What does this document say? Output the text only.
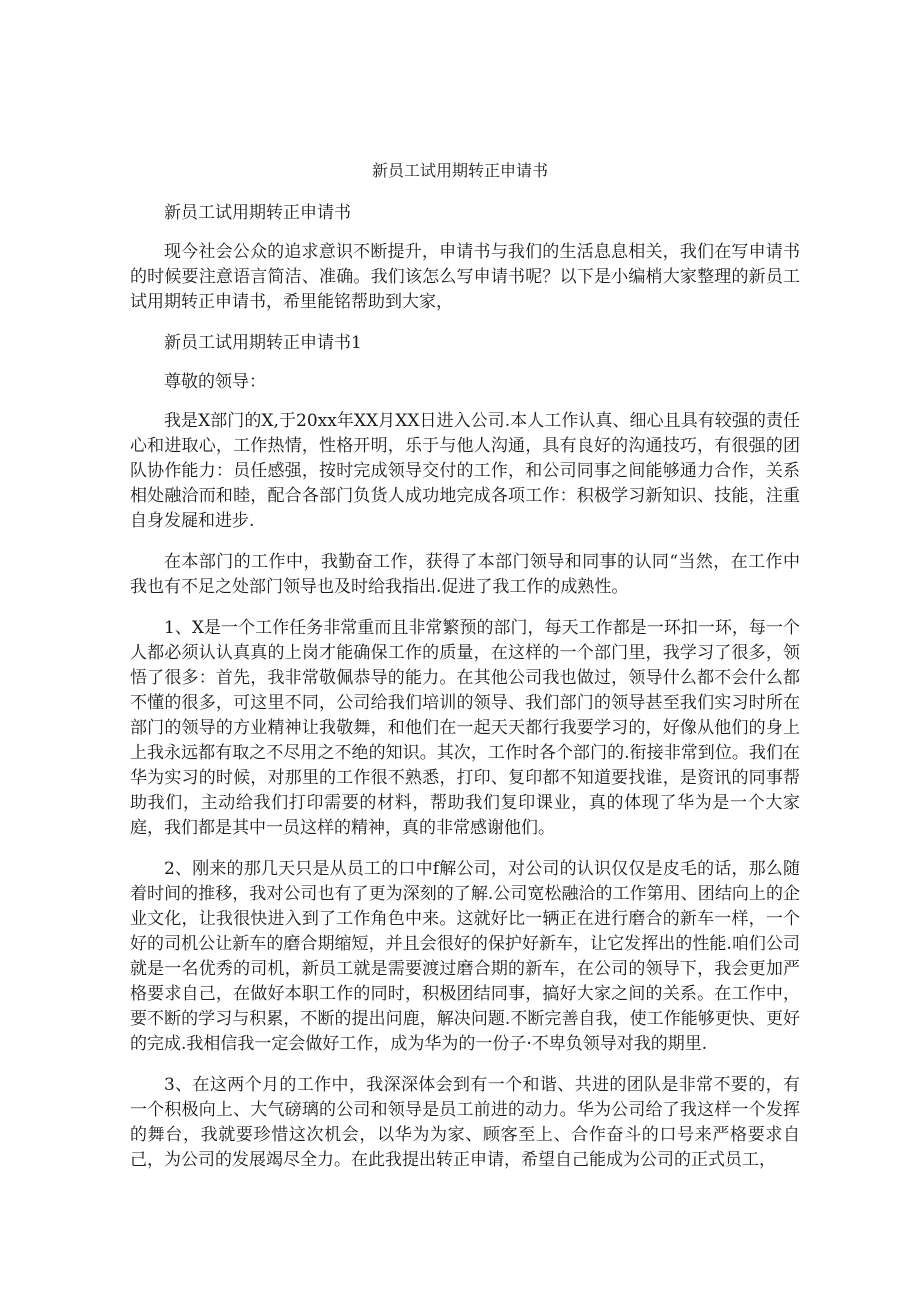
新员工试用期转正申请书

新员工试用期转正申请书

现今社会公众的追求意识不断提升，申请书与我们的生活息息相关，我们在写申请书的时候要注意语言简洁、准确。我们该怎么写申请书呢？以下是小编梢大家整理的新员工试用期转正申请书，希里能铭帮助到大家，

新员工试用期转正申请书1

尊敬的领导：

我是X部门的X,于20xx年XX月XX日进入公司.本人工作认真、细心且具有较强的责任心和进取心，工作热情，性格开明，乐于与他人沟通，具有良好的沟通技巧，有很强的团队协作能力：员任感强，按时完成领导交付的工作，和公司同事之间能够通力合作，关系相处融洽而和睦，配合各部门负货人成功地完成各项工作：积极学习新知识、技能，注重自身发屣和进步.

在本部门的工作中，我勤奋工作，获得了本部门领导和同事的认同“当然，在工作中我也有不足之处部门领导也及时给我指出.促进了我工作的成熟性。

1、X是一个工作任务非常重而且非常繁预的部门，每天工作都是一环扣一环，每一个人都必须认认真真的上岗才能确保工作的质量，在这样的一个部门里，我学习了很多，领悟了很多：首先，我非常敬佩恭导的能力。在其他公司我也做过，领导什么都不会什么都不懂的很多，可这里不同，公司给我们培训的领导、我们部门的领导甚至我们实习时所在部门的领导的方业精神让我敬舞，和他们在一起天天都行我要学习的，好像从他们的身上上我永远都有取之不尽用之不绝的知识。其次，工作时各个部门的.衔接非常到位。我们在华为实习的时候，对那里的工作很不熟悉，打印、复印都不知道要找谁，是资讯的同事帮助我们，主动给我们打印需要的材料，帮助我们复印课业，真的体现了华为是一个大家庭，我们都是其中一员这样的精神，真的非常感谢他们。

2、刚来的那几天只是从员工的口中f解公司，对公司的认识仅仅是皮毛的话，那么随着时间的推移，我对公司也有了更为深刻的了解.公司宽松融洽的工作第用、团结向上的企业文化，让我很快进入到了工作角色中来。这就好比一辆正在进行磨合的新车一样，一个好的司机公让新车的磨合期缩短，并且会很好的保护好新车，让它发挥出的性能.咱们公司就是一名优秀的司机，新员工就是需要渡过磨合期的新车，在公司的领导下，我会更加严格要求自己，在做好本职工作的同时，积极团结同事，搞好大家之间的关系。在工作中，要不断的学习与积累，不断的提出问鹿，解决问题.不断完善自我，使工作能够更快、更好的完成.我相信我一定会做好工作，成为华为的一份子·不卑负领导对我的期里.

3、在这两个月的工作中，我深深体会到有一个和谐、共进的团队是非常不要的，有一个积极向上、大气磅璃的公司和领导是员工前进的动力。华为公司给了我这样一个发挥的舞台，我就要珍惜这次机会，以华为为家、顾客至上、合作奋斗的口号来严格要求自己，为公司的发展竭尽全力。在此我提出转正申请，希望自己能成为公司的正式员工，
